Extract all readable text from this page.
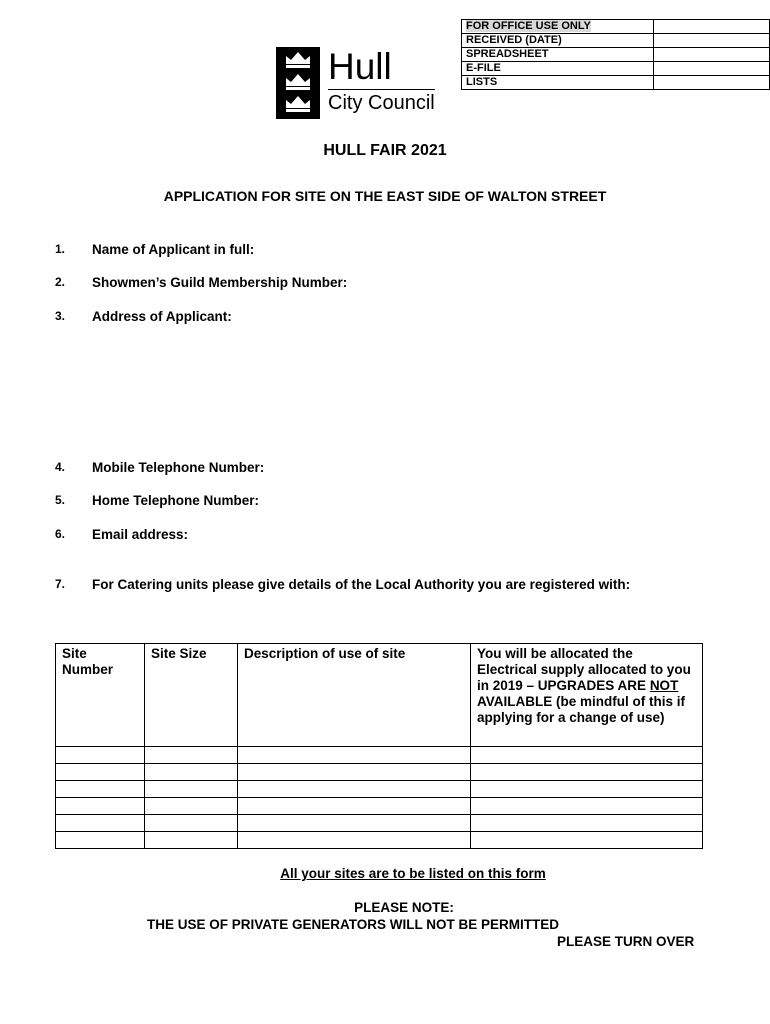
FOR OFFICE USE ONLY	
RECEIVED (DATE)	
SPREADSHEET	
E-FILE	
LISTS	
Hull
City Council
HULL FAIR 2021
APPLICATION FOR SITE ON THE EAST SIDE OF WALTON STREET
1.	Name of Applicant in full:
2.	Showmen’s Guild Membership Number:
3.	Address of Applicant:
4.	Mobile Telephone Number:
5.	Home Telephone Number:
6.	Email address:
7.	For Catering units please give details of the Local Authority you are registered with:
Site Number	Site Size	Description of use of site	You will be allocated the Electrical supply allocated to you in 2019 – UPGRADES ARE NOT AVAILABLE (be mindful of this if applying for a change of use)

All your sites are to be listed on this form
PLEASE NOTE:
THE USE OF PRIVATE GENERATORS WILL NOT BE PERMITTED
PLEASE TURN OVER
